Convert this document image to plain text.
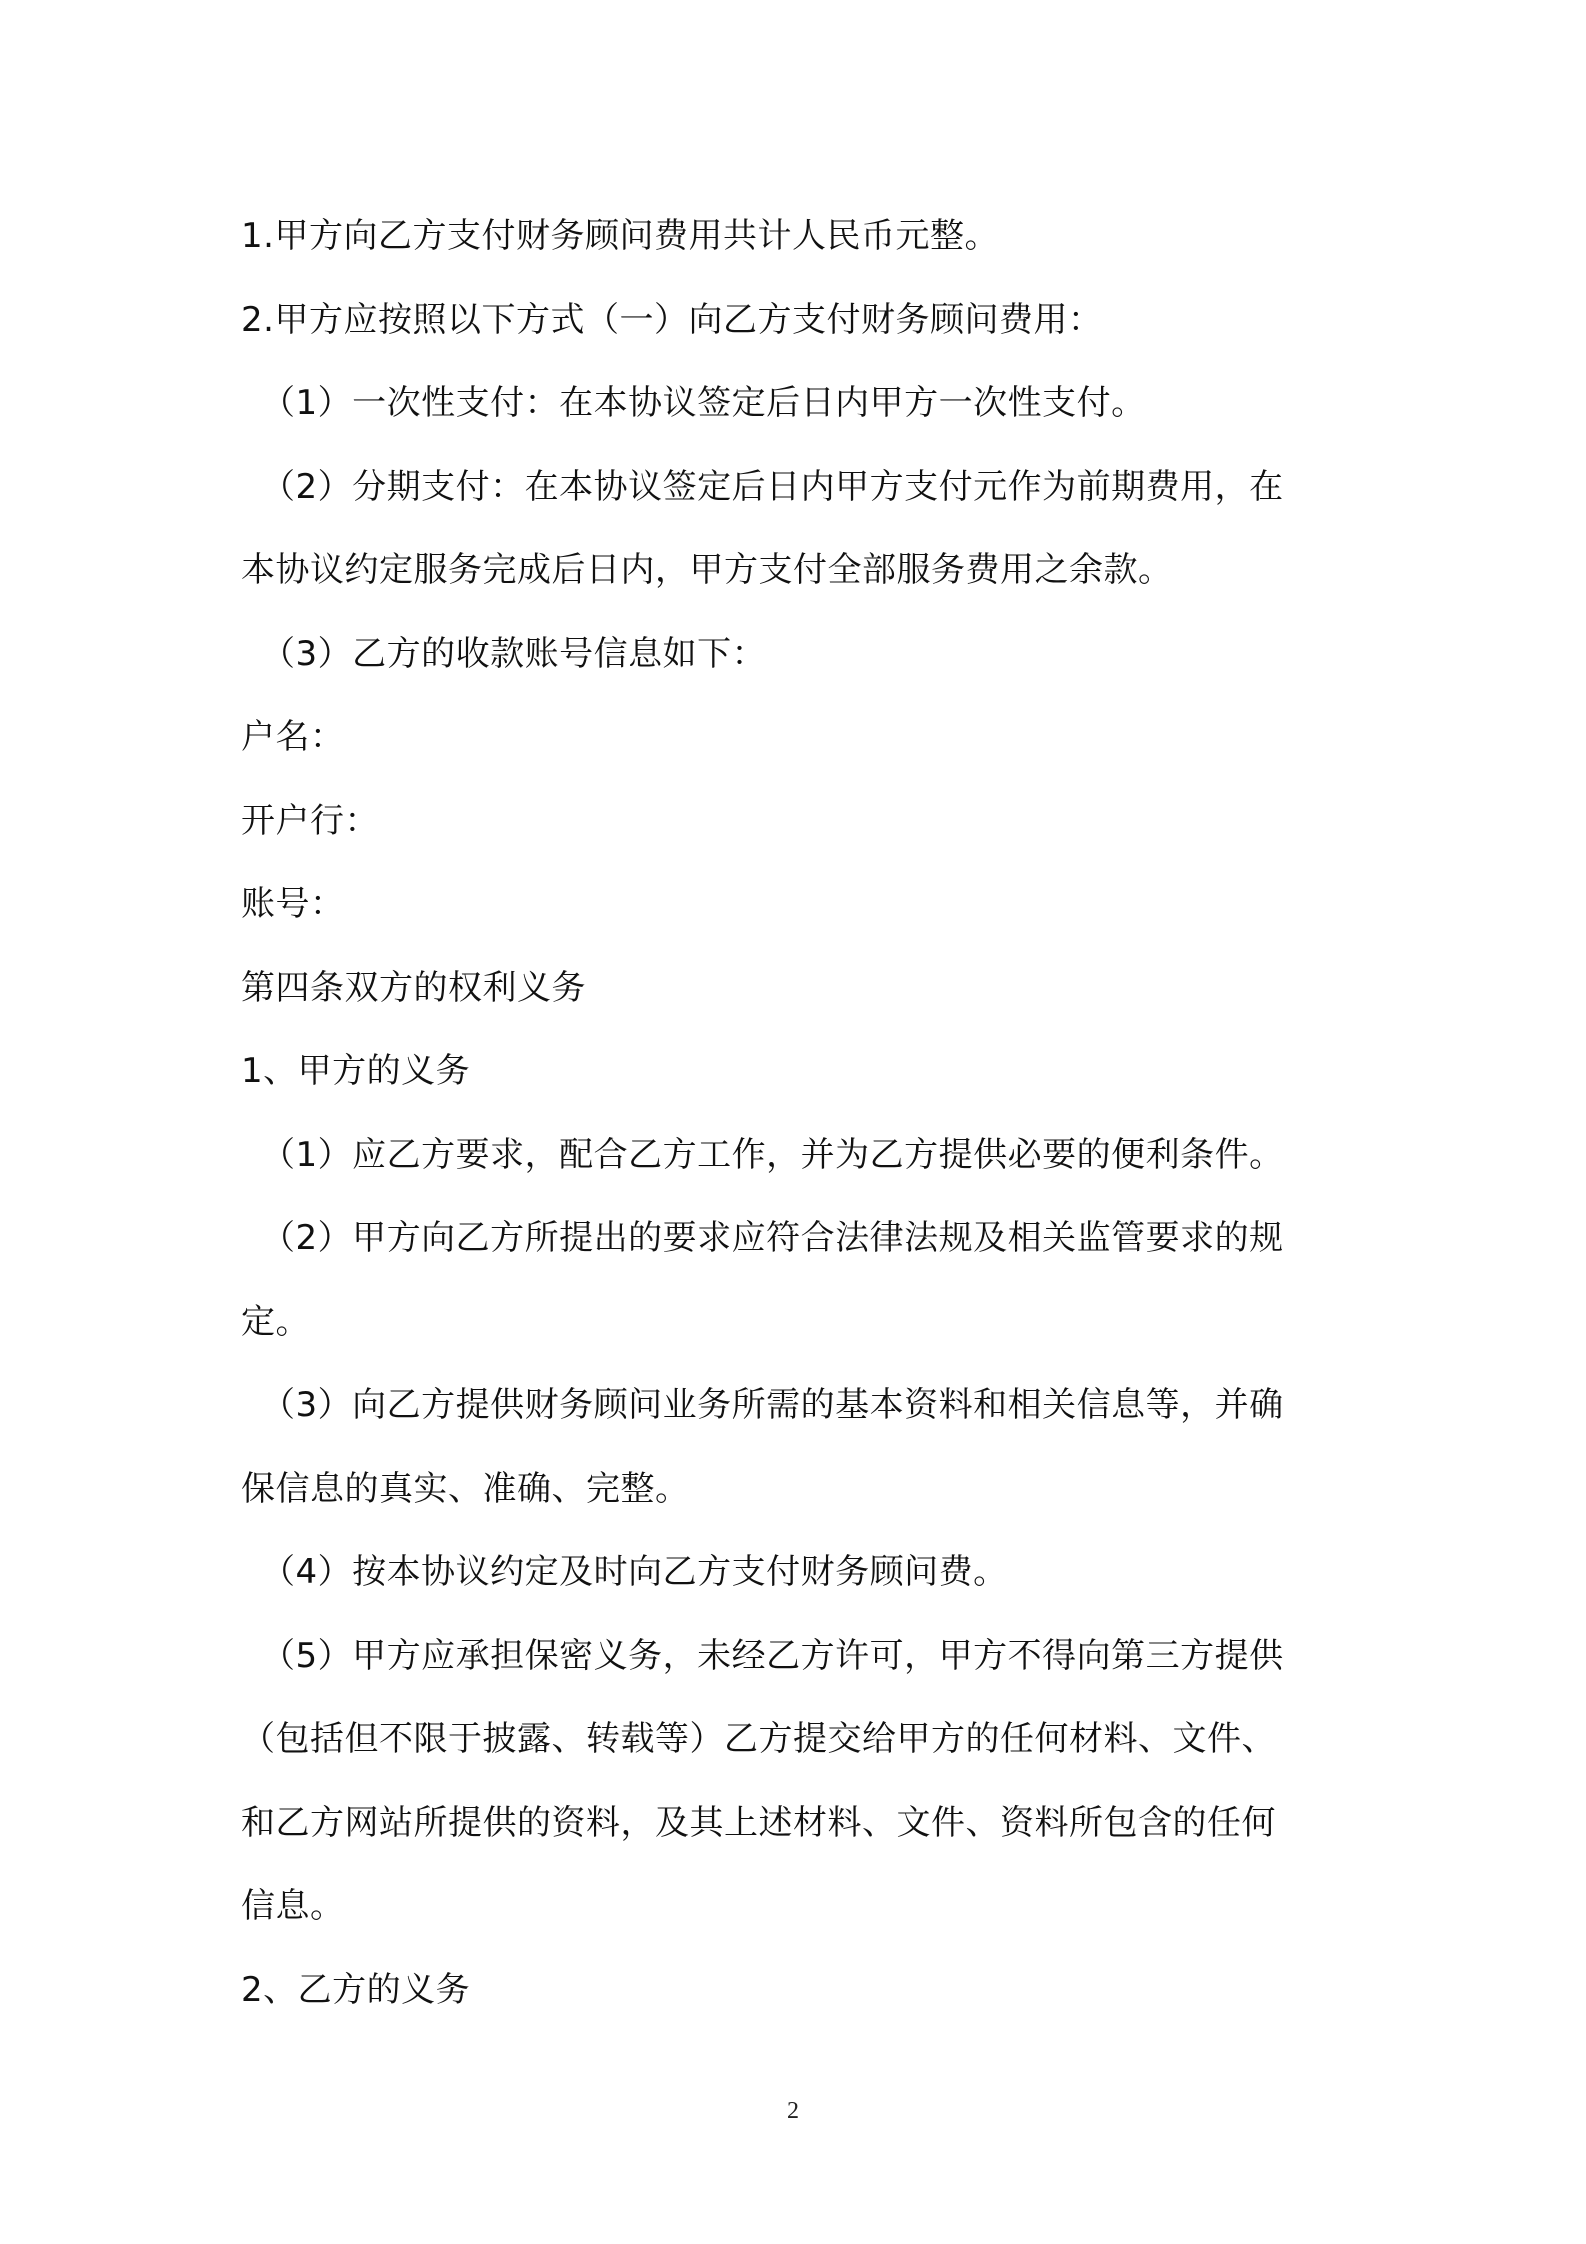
1.甲方向乙方支付财务顾问费用共计人民币元整。
2.甲方应按照以下方式（一）向乙方支付财务顾问费用：
（1）一次性支付：在本协议签定后日内甲方一次性支付。
（2）分期支付：在本协议签定后日内甲方支付元作为前期费用，在
本协议约定服务完成后日内，甲方支付全部服务费用之余款。
（3）乙方的收款账号信息如下：
户名：
开户行：
账号：
第四条双方的权利义务
1、甲方的义务
（1）应乙方要求，配合乙方工作，并为乙方提供必要的便利条件。
（2）甲方向乙方所提出的要求应符合法律法规及相关监管要求的规
定。
（3）向乙方提供财务顾问业务所需的基本资料和相关信息等，并确
保信息的真实、准确、完整。
（4）按本协议约定及时向乙方支付财务顾问费。
（5）甲方应承担保密义务，未经乙方许可，甲方不得向第三方提供
（包括但不限于披露、转载等）乙方提交给甲方的任何材料、文件、
和乙方网站所提供的资料，及其上述材料、文件、资料所包含的任何
信息。
2、乙方的义务
2
